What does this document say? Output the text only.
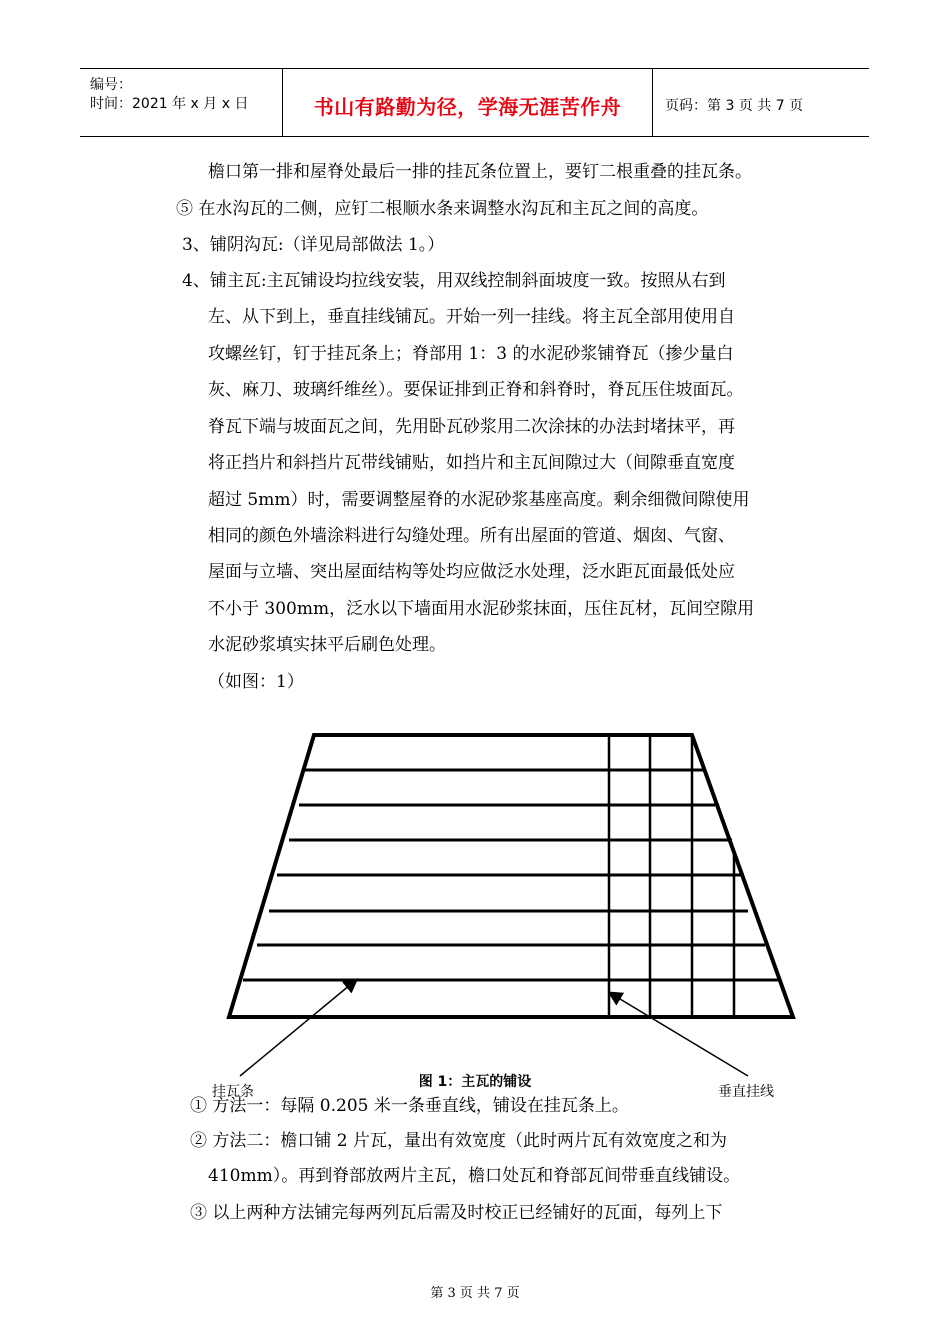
编号：
时间：2021 年 x 月 x 日	书山有路勤为径，学海无涯苦作舟	页码：第 3 页 共 7 页
檐口第一排和屋脊处最后一排的挂瓦条位置上，要钉二根重叠的挂瓦条。
⑤ 在水沟瓦的二侧，应钉二根顺水条来调整水沟瓦和主瓦之间的高度。
3、铺阴沟瓦:（详见局部做法 1。）
4、铺主瓦:主瓦铺设均拉线安装，用双线控制斜面坡度一致。按照从右到
左、从下到上，垂直挂线铺瓦。开始一列一挂线。将主瓦全部用使用自
攻螺丝钉，钉于挂瓦条上；脊部用 1：3 的水泥砂浆铺脊瓦（掺少量白
灰、麻刀、玻璃纤维丝）。要保证排到正脊和斜脊时，脊瓦压住坡面瓦。
脊瓦下端与坡面瓦之间，先用卧瓦砂浆用二次涂抹的办法封堵抹平，再
将正挡片和斜挡片瓦带线铺贴，如挡片和主瓦间隙过大（间隙垂直宽度
超过 5mm）时，需要调整屋脊的水泥砂浆基座高度。剩余细微间隙使用
相同的颜色外墙涂料进行勾缝处理。所有出屋面的管道、烟囱、气窗、
屋面与立墙、突出屋面结构等处均应做泛水处理，泛水距瓦面最低处应
不小于 300mm，泛水以下墙面用水泥砂浆抹面，压住瓦材，瓦间空隙用
水泥砂浆填实抹平后刷色处理。
（如图：1）
图 1：主瓦的铺设
挂瓦条	垂直挂线
① 方法一：每隔 0.205 米一条垂直线，铺设在挂瓦条上。
② 方法二：檐口铺 2 片瓦，量出有效宽度（此时两片瓦有效宽度之和为
410mm）。再到脊部放两片主瓦，檐口处瓦和脊部瓦间带垂直线铺设。
③ 以上两种方法铺完每两列瓦后需及时校正已经铺好的瓦面，每列上下
第 3 页 共 7 页
